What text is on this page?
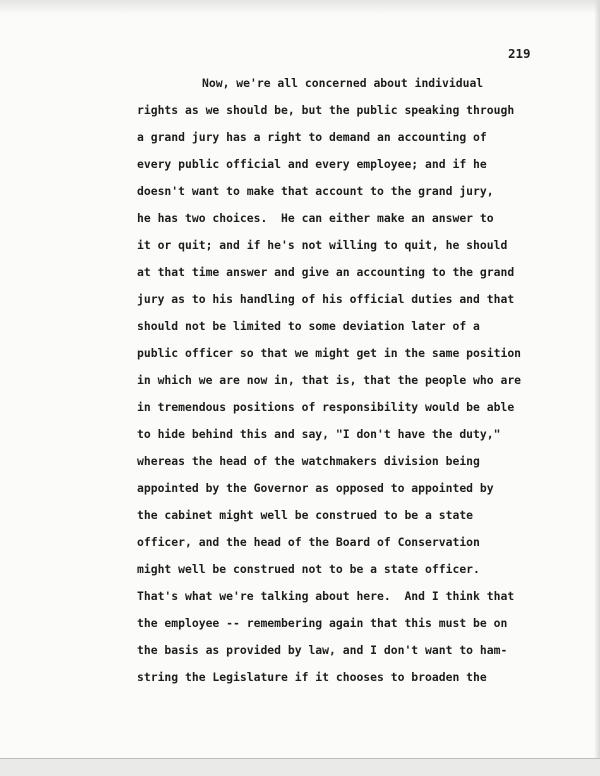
219

Now, we're all concerned about individual
rights as we should be, but the public speaking through
a grand jury has a right to demand an accounting of
every public official and every employee; and if he
doesn't want to make that account to the grand jury,
he has two choices.  He can either make an answer to
it or quit; and if he's not willing to quit, he should
at that time answer and give an accounting to the grand
jury as to his handling of his official duties and that
should not be limited to some deviation later of a
public officer so that we might get in the same position
in which we are now in, that is, that the people who are
in tremendous positions of responsibility would be able
to hide behind this and say, "I don't have the duty,"
whereas the head of the watchmakers division being
appointed by the Governor as opposed to appointed by
the cabinet might well be construed to be a state
officer, and the head of the Board of Conservation
might well be construed not to be a state officer.
That's what we're talking about here.  And I think that
the employee -- remembering again that this must be on
the basis as provided by law, and I don't want to ham-
string the Legislature if it chooses to broaden the
